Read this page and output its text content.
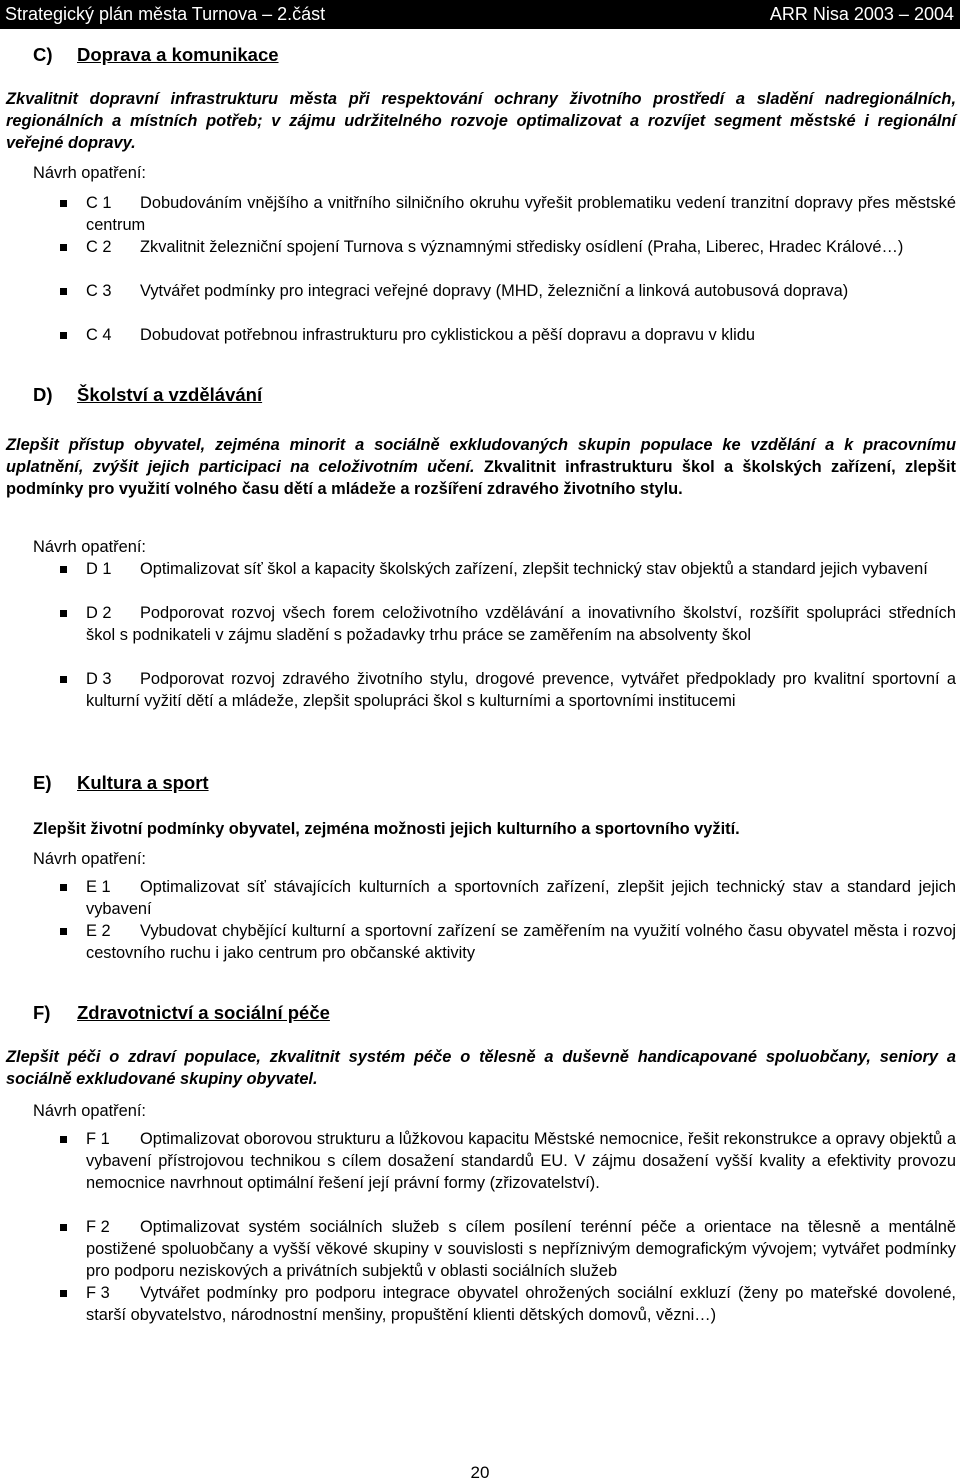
Strategický plán města Turnova – 2.část	ARR Nisa 2003 – 2004
C) Doprava a komunikace
Zkvalitnit dopravní infrastrukturu města při respektování ochrany životního prostředí a sladění nadregionálních, regionálních a místních potřeb; v zájmu udržitelného rozvoje optimalizovat a rozvíjet segment městské i regionální veřejné dopravy.
Návrh opatření:
C 1 Dobudováním vnějšího a vnitřního silničního okruhu vyřešit problematiku vedení tranzitní dopravy přes městské centrum
C 2 Zkvalitnit železniční spojení Turnova s významnými středisky osídlení (Praha, Liberec, Hradec Králové…)
C 3 Vytvářet podmínky pro integraci veřejné dopravy (MHD, železniční a linková autobusová doprava)
C 4 Dobudovat potřebnou infrastrukturu pro cyklistickou a pěší dopravu a dopravu v klidu
D) Školství a vzdělávání

Zlepšit přístup obyvatel, zejména minorit a sociálně exkludovaných skupin populace ke vzdělání a k pracovnímu uplatnění, zvýšit jejich participaci na celoživotním učení. Zkvalitnit infrastrukturu škol a školských zařízení, zlepšit podmínky pro využití volného času dětí a mládeže a rozšíření zdravého životního stylu.

Návrh opatření:
D 1 Optimalizovat síť škol a kapacity školských zařízení, zlepšit technický stav objektů a standard jejich vybavení
D 2 Podporovat rozvoj všech forem celoživotního vzdělávání a inovativního školství, rozšířit spolupráci středních škol s podnikateli v zájmu sladění s požadavky trhu práce se zaměřením na absolventy škol
D 3 Podporovat rozvoj zdravého životního stylu, drogové prevence, vytvářet předpoklady pro kvalitní sportovní a kulturní vyžití dětí a mládeže, zlepšit spolupráci škol s kulturními a sportovními institucemi
E) Kultura a sport
Zlepšit životní podmínky obyvatel, zejména možnosti jejich kulturního a sportovního vyžití.
Návrh opatření:
E 1 Optimalizovat síť stávajících kulturních a sportovních zařízení, zlepšit jejich technický stav a standard jejich vybavení
E 2 Vybudovat chybějící kulturní a sportovní zařízení se zaměřením na využití volného času obyvatel města i rozvoj cestovního ruchu i jako centrum pro občanské aktivity
F) Zdravotnictví a sociální péče
Zlepšit péči o zdraví populace, zkvalitnit systém péče o tělesně a duševně handicapované spoluobčany, seniory a sociálně exkludované skupiny obyvatel.
Návrh opatření:
F 1 Optimalizovat oborovou strukturu a lůžkovou kapacitu Městské nemocnice, řešit rekonstrukce a opravy objektů a vybavení přístrojovou technikou s cílem dosažení standardů EU. V zájmu dosažení vyšší kvality a efektivity provozu nemocnice navrhnout optimální řešení její právní formy (zřizovatelství).
F 2 Optimalizovat systém sociálních služeb s cílem posílení terénní péče a orientace na tělesně a mentálně postižené spoluobčany a vyšší věkové skupiny v souvislosti s nepříznivým demografickým vývojem; vytvářet podmínky pro podporu neziskových a privátních subjektů v oblasti sociálních služeb
F 3 Vytvářet podmínky pro podporu integrace obyvatel ohrožených sociální exkluzí (ženy po mateřské dovolené, starší obyvatelstvo, národnostní menšiny, propuštění klienti dětských domovů, vězni…)
20
